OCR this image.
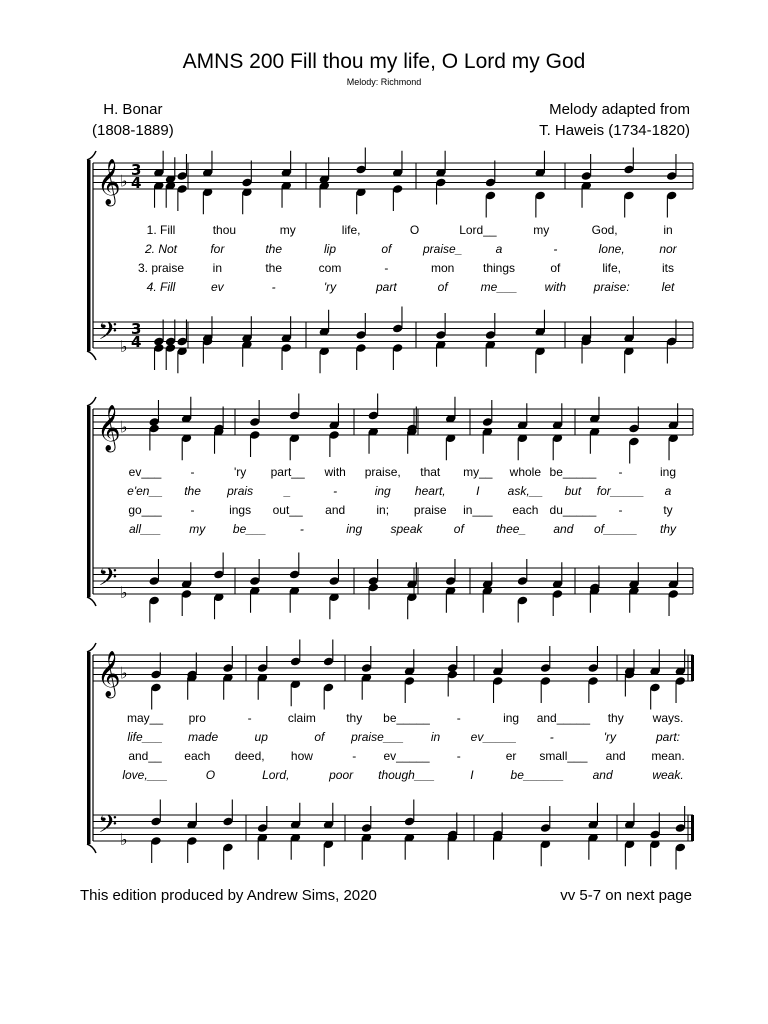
AMNS 200 Fill thou my life, O Lord my God
Melody: Richmond
H. Bonar
(1808-1889)
Melody adapted from
T. Haweis (1734-1820)
𝄞
𝄢
♭
♭
3
4
3
4
1. Fill	thou	my	life,	O	Lord__	my	God,	in
2. Not	for	the	lip	of	praise_	a	-	lone,	nor
3. praise in	the	com	-	mon things	of	life,	its
4. Fill	ev	-	'ry	part	of	me___ with praise:	let
𝄞
𝄢
♭
♭
ev___ -	'ry part__ with praise, that my__ whole be_____ -	ing
e'en__ the prais	_	-	ing heart,	I ask,__ but for_____ a
go___ -	ings out__ and	in; praise in___ each du_____ -	ty
all___ my be___	-	ing speak	of	thee_ and of_____ thy
𝄞
𝄢
♭
♭
may__ pro	-	claim	thy be_____ -	ing and_____ thy ways.
life___ made	up	of praise___ in	ev_____	-	'ry	part:
and__ each deed, how	- ev_____ -	er small___ and mean.
love,___	O	Lord,	poor though___	I	be______ and	weak.
This edition produced by Andrew Sims, 2020	vv 5-7 on next page
